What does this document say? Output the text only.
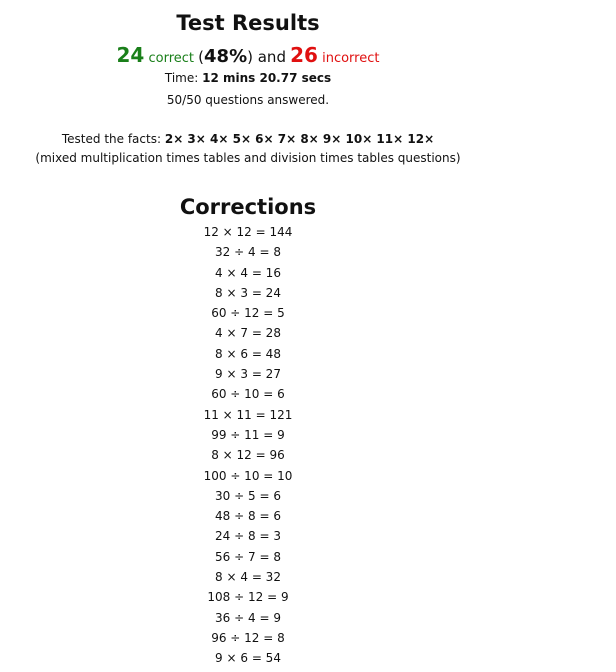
Test Results
24 correct (48%) and 26 incorrect
Time: 12 mins 20.77 secs
50/50 questions answered.
Tested the facts: 2× 3× 4× 5× 6× 7× 8× 9× 10× 11× 12×
(mixed multiplication times tables and division times tables questions)
Corrections
12 × 12 = 144
32 ÷ 4 = 8
4 × 4 = 16
8 × 3 = 24
60 ÷ 12 = 5
4 × 7 = 28
8 × 6 = 48
9 × 3 = 27
60 ÷ 10 = 6
11 × 11 = 121
99 ÷ 11 = 9
8 × 12 = 96
100 ÷ 10 = 10
30 ÷ 5 = 6
48 ÷ 8 = 6
24 ÷ 8 = 3
56 ÷ 7 = 8
8 × 4 = 32
108 ÷ 12 = 9
36 ÷ 4 = 9
96 ÷ 12 = 8
9 × 6 = 54
